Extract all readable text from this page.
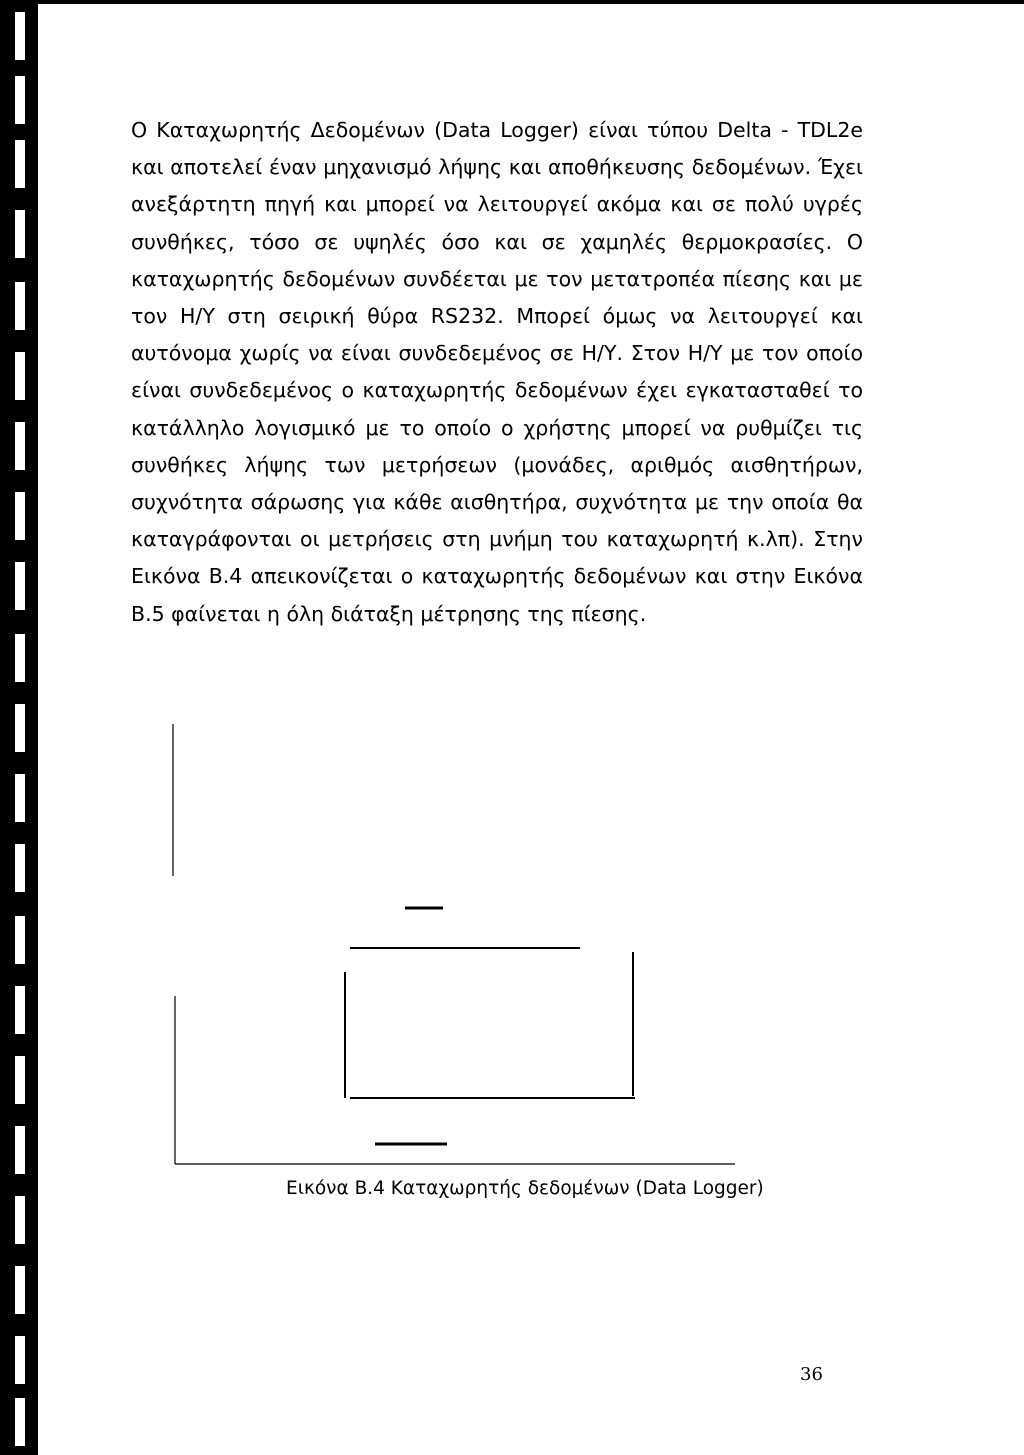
Ο Καταχωρητής Δεδομένων (Data Logger) είναι τύπου Delta - TDL2e και αποτελεί έναν μηχανισμό λήψης και αποθήκευσης δεδομένων. Έχει ανεξάρτητη πηγή και μπορεί να λειτουργεί ακόμα και σε πολύ υγρές συνθήκες, τόσο σε υψηλές όσο και σε χαμηλές θερμοκρασίες. Ο καταχωρητής δεδομένων συνδέεται με τον μετατροπέα πίεσης και με τον Η/Υ στη σειρική θύρα RS232. Μπορεί όμως να λειτουργεί και αυτόνομα χωρίς να είναι συνδεδεμένος σε Η/Υ. Στον Η/Υ με τον οποίο είναι συνδεδεμένος ο καταχωρητής δεδομένων έχει εγκατασταθεί το κατάλληλο λογισμικό με το οποίο ο χρήστης μπορεί να ρυθμίζει τις συνθήκες λήψης των μετρήσεων (μονάδες, αριθμός αισθητήρων, συχνότητα σάρωσης για κάθε αισθητήρα, συχνότητα με την οποία θα καταγράφονται οι μετρήσεις στη μνήμη του καταχωρητή κ.λπ). Στην Εικόνα Β.4 απεικονίζεται ο καταχωρητής δεδομένων και στην Εικόνα Β.5 φαίνεται η όλη διάταξη μέτρησης της πίεσης.

Εικόνα Β.4 Καταχωρητής δεδομένων (Data Logger)
36
